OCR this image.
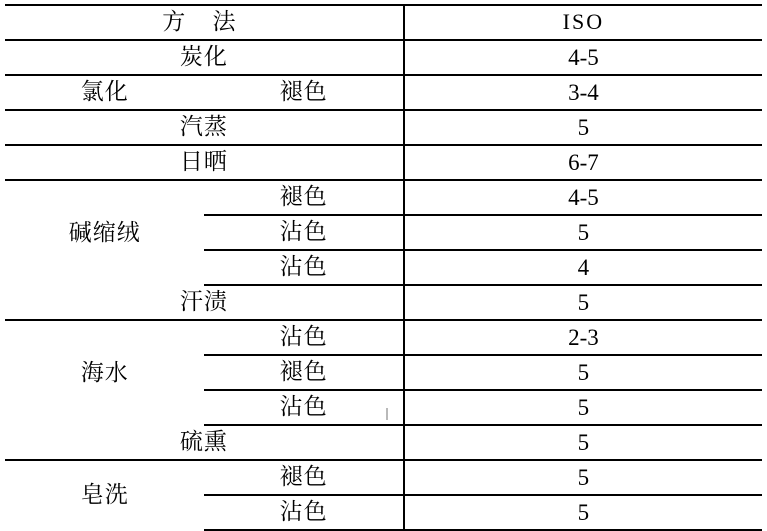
方 法		ISO
炭化		4-5
氯化	褪色	3-4
汽蒸		5
日晒		6-7
碱缩绒	褪色	4-5
	沾色	5
	沾色	4
汗渍		5
海水	沾色	2-3
	褪色	5
	沾色	5
硫熏		5
皂洗	褪色	5
	沾色	5
